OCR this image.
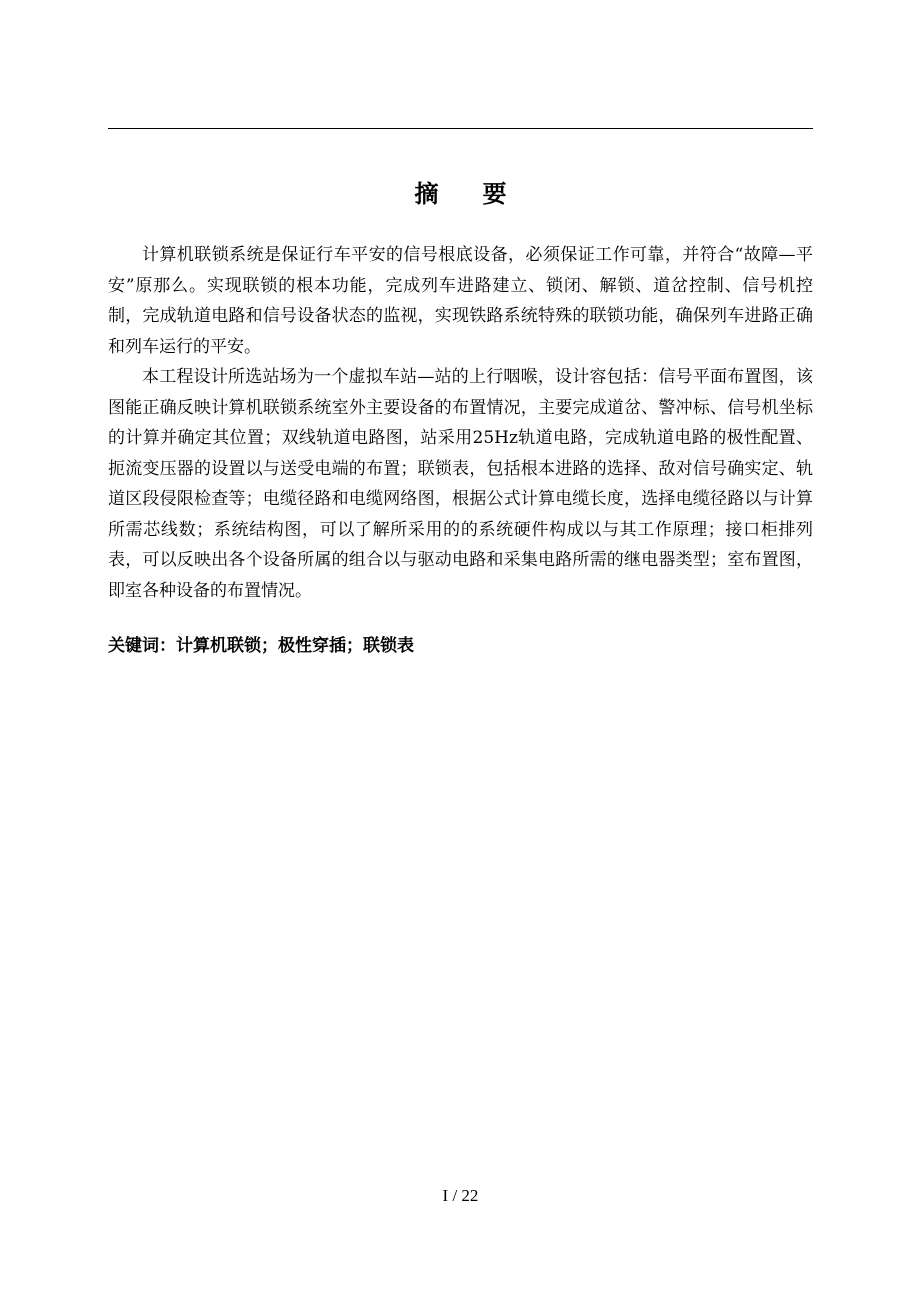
摘要

计算机联锁系统是保证行车平安的信号根底设备，必须保证工作可靠，并符合“故障—平安”原那么。实现联锁的根本功能，完成列车进路建立、锁闭、解锁、道岔控制、信号机控制，完成轨道电路和信号设备状态的监视，实现铁路系统特殊的联锁功能，确保列车进路正确和列车运行的平安。

本工程设计所选站场为一个虚拟车站—站的上行咽喉，设计容包括：信号平面布置图，该图能正确反映计算机联锁系统室外主要设备的布置情况，主要完成道岔、警冲标、信号机坐标的计算并确定其位置；双线轨道电路图，站采用25Hz轨道电路，完成轨道电路的极性配置、扼流变压器的设置以与送受电端的布置；联锁表，包括根本进路的选择、敌对信号确实定、轨道区段侵限检查等；电缆径路和电缆网络图，根据公式计算电缆长度，选择电缆径路以与计算所需芯线数；系统结构图，可以了解所采用的的系统硬件构成以与其工作原理；接口柜排列表，可以反映出各个设备所属的组合以与驱动电路和采集电路所需的继电器类型；室布置图，即室各种设备的布置情况。

关键词：计算机联锁；极性穿插；联锁表
I / 22
